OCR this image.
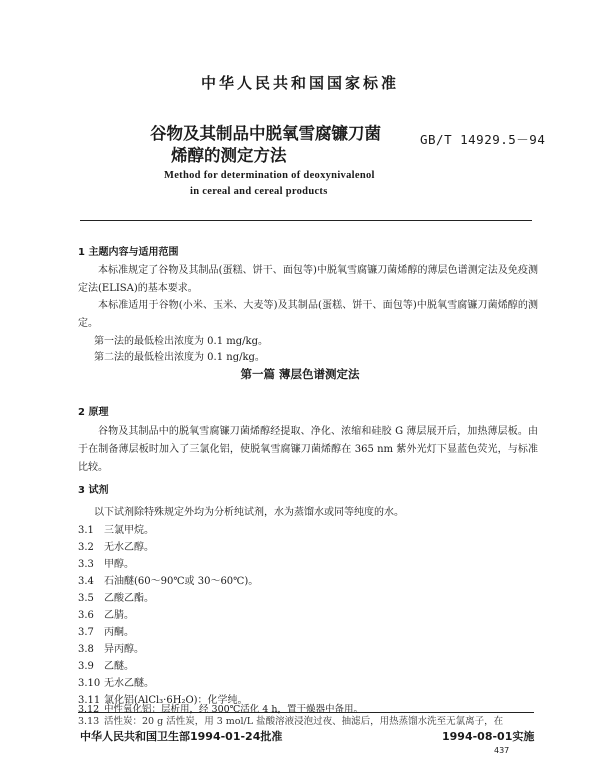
中华人民共和国国家标准
谷物及其制品中脱氧雪腐镰刀菌
烯醇的测定方法
GB/T 14929.5－94
Method for determination of deoxynivalenol
in cereal and cereal products
1 主题内容与适用范围

本标准规定了谷物及其制品(蛋糕、饼干、面包等)中脱氧雪腐镰刀菌烯醇的薄层色谱测定法及免疫测定法(ELISA)的基本要求。

本标准适用于谷物(小米、玉米、大麦等)及其制品(蛋糕、饼干、面包等)中脱氧雪腐镰刀菌烯醇的测定。

第一法的最低检出浓度为 0.1 mg/kg。
第二法的最低检出浓度为 0.1 ng/kg。
第一篇 薄层色谱测定法
2 原理

谷物及其制品中的脱氧雪腐镰刀菌烯醇经提取、净化、浓缩和硅胶 G 薄层展开后，加热薄层板。由于在制备薄层板时加入了三氯化铝，使脱氧雪腐镰刀菌烯醇在 365 nm 紫外光灯下显蓝色荧光，与标准比较。

3 试剂
以下试剂除特殊规定外均为分析纯试剂，水为蒸馏水或同等纯度的水。
3.1 三氯甲烷。
3.2 无水乙醇。
3.3 甲醇。
3.4 石油醚(60～90℃或 30～60℃)。
3.5 乙酸乙酯。
3.6 乙腈。
3.7 丙酮。
3.8 异丙醇。
3.9 乙醚。
3.10 无水乙醚。
3.11 氯化铝(AlCl₃·6H₂O)：化学纯。
3.12 中性氧化铝：层析用，经 300℃活化 4 h，置干燥器中备用。
3.13 活性炭：20 g 活性炭，用 3 mol/L 盐酸溶液浸泡过夜、抽滤后，用热蒸馏水洗至无氯离子，在
中华人民共和国卫生部1994-01-24批准	1994-08-01实施
437
